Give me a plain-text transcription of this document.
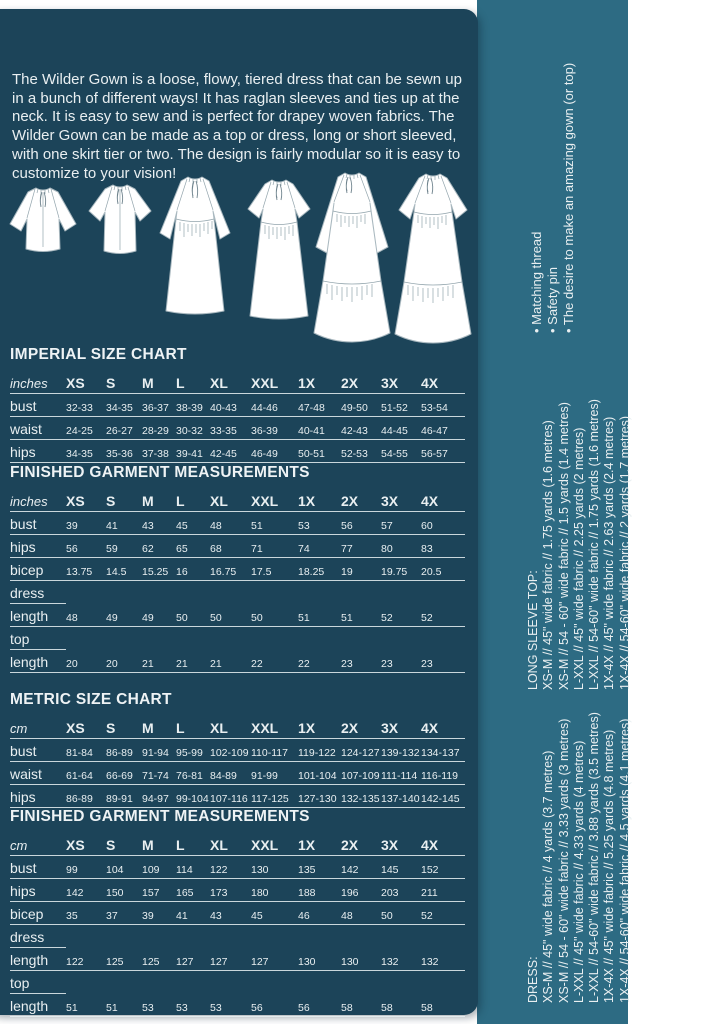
The Wilder Gown is a loose, flowy, tiered dress that can be sewn up in a bunch of different ways! It has raglan sleeves and ties up at the neck. It is easy to sew and is perfect for drapey woven fabrics. The Wilder Gown can be made as a top or dress, long or short sleeved, with one skirt tier or two. The design is fairly modular so it is easy to customize to your vision!

IMPERIAL SIZE CHART
inches	XS	S	M	L	XL	XXL	1X	2X	3X	4X
bust	32-33	34-35	36-37	38-39	40-43	44-46	47-48	49-50	51-52	53-54
waist	24-25	26-27	28-29	30-32	33-35	36-39	40-41	42-43	44-45	46-47
hips	34-35	35-36	37-38	39-41	42-45	46-49	50-51	52-53	54-55	56-57
FINISHED GARMENT MEASUREMENTS
inches	XS	S	M	L	XL	XXL	1X	2X	3X	4X
bust	39	41	43	45	48	51	53	56	57	60
hips	56	59	62	65	68	71	74	77	80	83
bicep	13.75	14.5	15.25	16	16.75	17.5	18.25	19	19.75	20.5
dress										
length	48	49	49	50	50	50	51	51	52	52
top										
length	20	20	21	21	21	22	22	23	23	23
METRIC SIZE CHART
cm	XS	S	M	L	XL	XXL	1X	2X	3X	4X
bust	81-84	86-89	91-94	95-99	102-109	110-117	119-122	124-127	139-132	134-137
waist	61-64	66-69	71-74	76-81	84-89	91-99	101-104	107-109	111-114	116-119
hips	86-89	89-91	94-97	99-104	107-116	117-125	127-130	132-135	137-140	142-145
FINISHED GARMENT MEASUREMENTS
cm	XS	S	M	L	XL	XXL	1X	2X	3X	4X
bust	99	104	109	114	122	130	135	142	145	152
hips	142	150	157	165	173	180	188	196	203	211
bicep	35	37	39	41	43	45	46	48	50	52
dress										
length	122	125	125	127	127	127	130	130	132	132
top										
length	51	51	53	53	53	56	56	58	58	58
• Matching thread • Safety pin • The desire to make an amazing gown (or top)
LONG SLEEVE TOP: XS-M // 45" wide fabric // 1.75 yards (1.6 metres) XS-M // 54 - 60" wide fabric // 1.5 yards (1.4 metres) L-XXL // 45" wide fabric // 2.25 yards (2 metres) L-XXL // 54-60" wide fabric // 1.75 yards (1.6 metres) 1X-4X // 45" wide fabric // 2.63 yards (2.4 metres) 1X-4X // 54-60" wide fabric // 2 yards (1.7 metres)
DRESS: XS-M // 45" wide fabric // 4 yards (3.7 metres) XS-M // 54 - 60" wide fabric // 3.33 yards (3 metres) L-XXL // 45" wide fabric // 4.33 yards (4 metres) L-XXL // 54-60" wide fabric // 3.88 yards (3.5 metres) 1X-4X // 45" wide fabric // 5.25 yards (4.8 metres) 1X-4X // 54-60" wide fabric // 4.5 yards (4.1 metres)
